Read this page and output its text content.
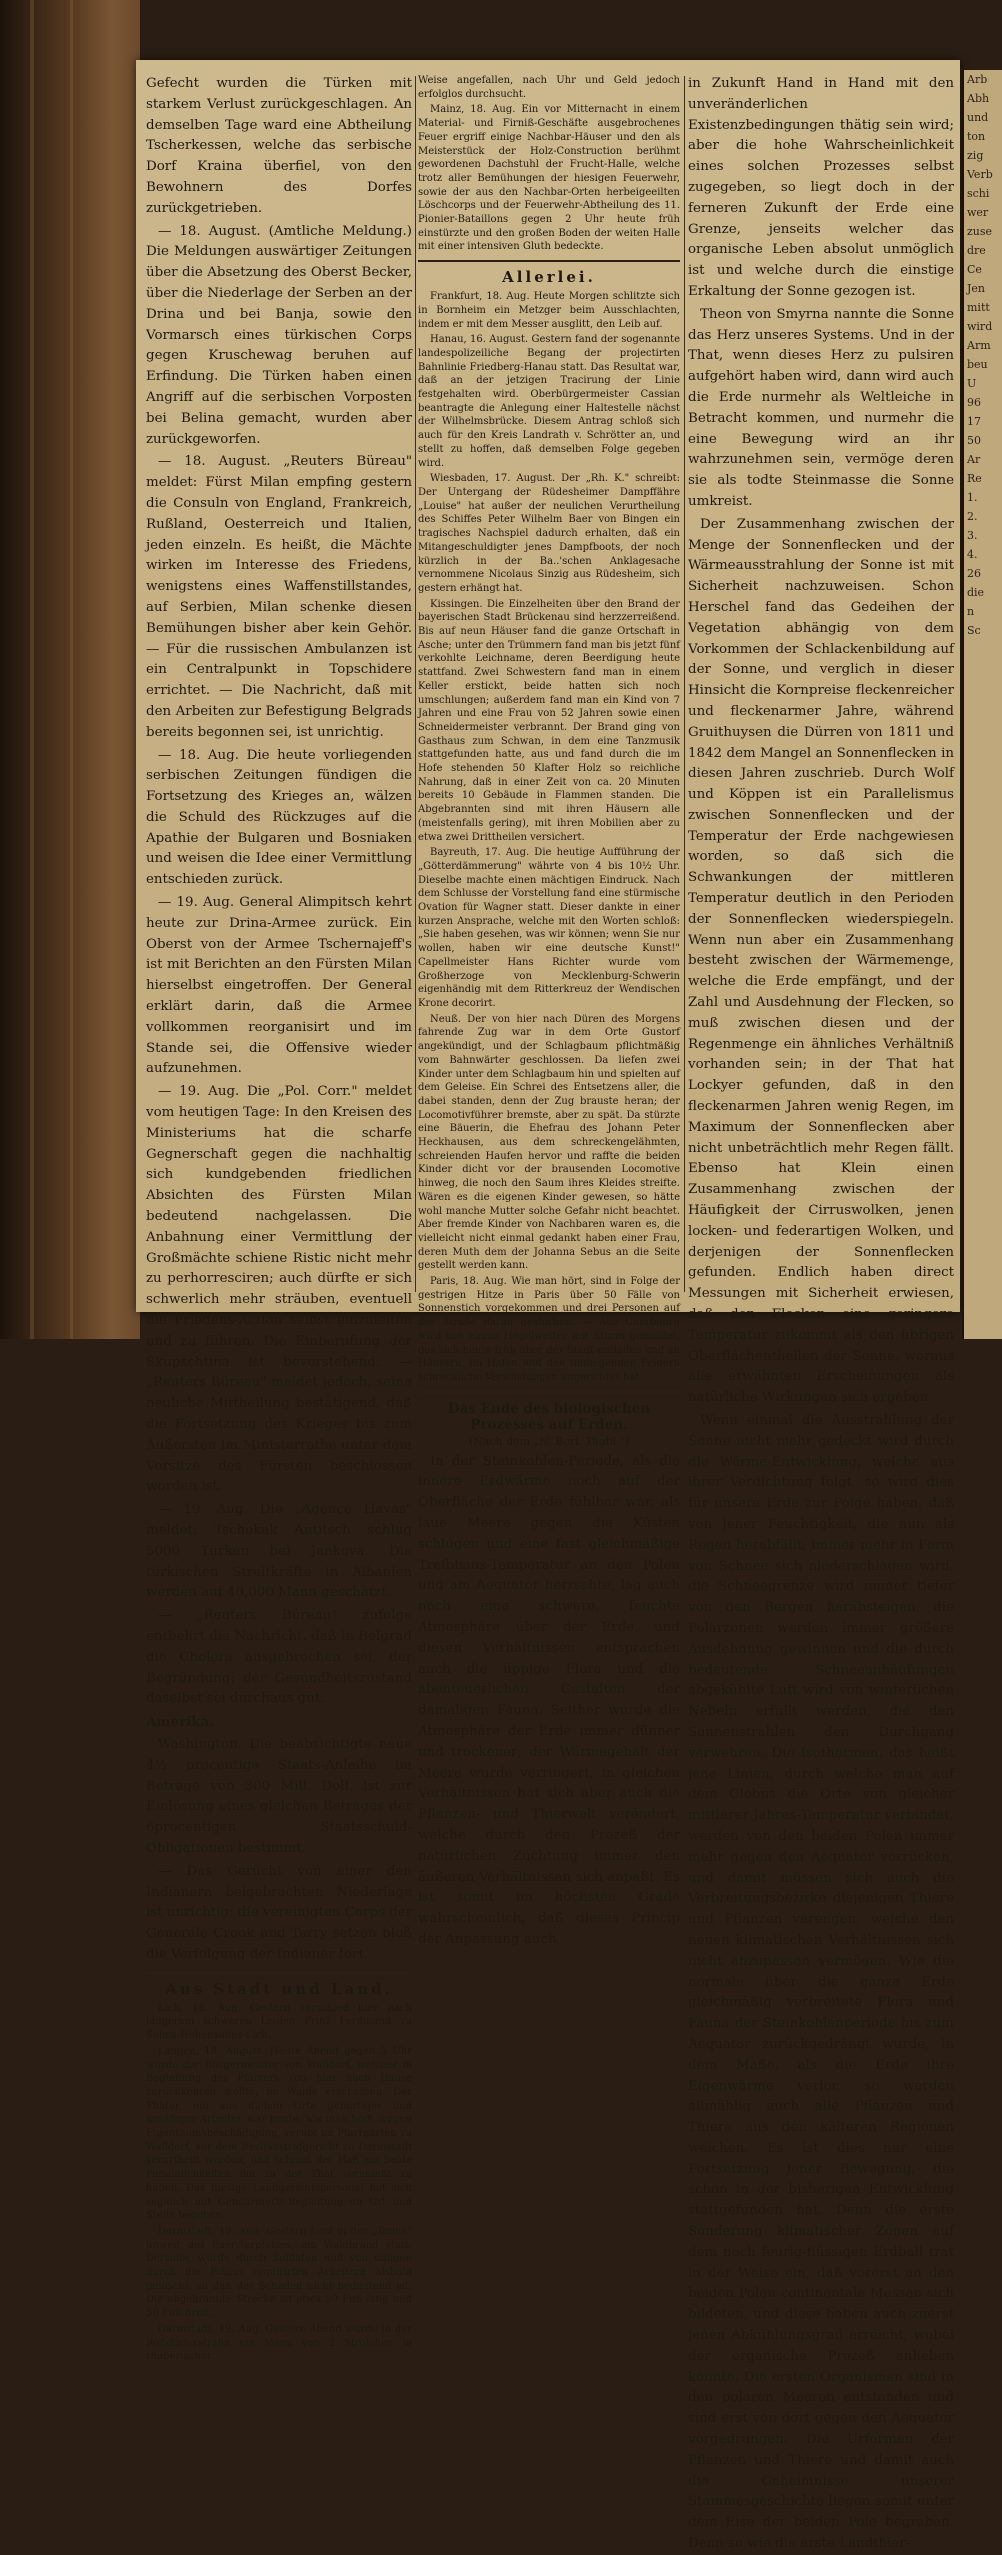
Gefecht wurden die Türken mit starkem Verlust zurückgeschlagen. An demselben Tage ward eine Abtheilung Tscherkessen, welche das serbische Dorf Kraina überfiel, von den Bewohnern des Dorfes zurückgetrieben.

— 18. August. (Amtliche Meldung.) Die Meldungen auswärtiger Zeitungen über die Absetzung des Oberst Becker, über die Niederlage der Serben an der Drina und bei Banja, sowie den Vormarsch eines türkischen Corps gegen Kruschewag beruhen auf Erfindung. Die Türken haben einen Angriff auf die serbischen Vorposten bei Belina gemacht, wurden aber zurückgeworfen.

— 18. August. „Reuters Büreau" meldet: Fürst Milan empfing gestern die Consuln von England, Frankreich, Rußland, Oesterreich und Italien, jeden einzeln. Es heißt, die Mächte wirken im Interesse des Friedens, wenigstens eines Waffenstillstandes, auf Serbien, Milan schenke diesen Bemühungen bisher aber kein Gehör. — Für die russischen Ambulanzen ist ein Centralpunkt in Topschidere errichtet. — Die Nachricht, daß mit den Arbeiten zur Befestigung Belgrads bereits begonnen sei, ist unrichtig.

— 18. Aug. Die heute vorliegenden serbischen Zeitungen fündigen die Fortsetzung des Krieges an, wälzen die Schuld des Rückzuges auf die Apathie der Bulgaren und Bosniaken und weisen die Idee einer Vermittlung entschieden zurück.

— 19. Aug. General Alimpitsch kehrt heute zur Drina-Armee zurück. Ein Oberst von der Armee Tschernajeff's ist mit Berichten an den Fürsten Milan hierselbst eingetroffen. Der General erklärt darin, daß die Armee vollkommen reorganisirt und im Stande sei, die Offensive wieder aufzunehmen.

— 19. Aug. Die „Pol. Corr." meldet vom heutigen Tage: In den Kreisen des Ministeriums hat die scharfe Gegnerschaft gegen die nachhaltig sich kundgebenden friedlichen Absichten des Fürsten Milan bedeutend nachgelassen. Die Anbahnung einer Vermittlung der Großmächte schiene Ristic nicht mehr zu perhorresciren; auch dürfte er sich schwerlich mehr sträuben, eventuell die Friedens-Action selbst einzuleiten und zu führen. Die Einberufung der Skupschtina ist bevorstehend. — „Reuters Büreau" meldet jedoch, seine neuliche Mittheilung bestätigend, daß die Fortsetzung des Krieges bis zum Äußersten im Ministerrathe unter dem Vorsitze des Fürsten beschlossen worden ist.

— 19. Aug. Die „Agence Havas" meldet: Tschokak Antitsch schlug 5000 Türken bei Jankova. Die türkischen Streitkräfte in Albanien werden auf 40,000 Mann geschätzt.

— „Reuters Büreau" zufolge entbehrt die Nachricht, daß in Belgrad die Cholera ausgebrochen sei, der Begründung; der Gesundheitszustand daselbst sei durchaus gut.

Amerika.

Washington. Die beabsichtigte neue 4½ procentige Staats-Anleihe im Betrage von 300 Mill. Doll. ist zur Einlösung eines gleichen Betrages der 6procentigen Staatsschuld-Obligationen bestimmt.

— Das Gerücht von einer den Indianern beigebrachten Niederlage ist unrichtig; die vereinigten Corps der Generale Crook und Terry setzen bloß die Verfolgung der Indianer fort.

Aus Stadt und Land.

Lich, 16. Aug. Gestern verschied hier nach längerem schweren Leiden Prinz Ferdinand zu Solms-Hohensolms-Lich.

Langen, 18. August. Heute Abend gegen 5 Uhr wurde der Bürgermeister von Walldorf, welcher in Begleitung des Pfarrers von hier nach Hause zurückkehren wollte, im Walde erschossen. Der Thäter, ein aus dielem Orte gebürtiger und ansäßiger Arbeiter, war heute, wie man hört, wegen Eigenthumsbeschädigung, verübt im Pfarrgarten zu Walldorf, vor dem Bezirksstrafgericht zu Darmstadt verurtheilt worden, und scheint der Haß auf beide Persönlichkeiten ihn zu der That veranlaßt zu haben. Das hiesige Landgerichtspersonal hat sich sogleich mit Gendarmerie-Begleitung an Ort und Stelle begeben.

Darmstadt, 19. Aug. Gestern fand in der „Tanne" unweit des Exercierplatzes, ein Waldbrand statt. Derselbe wurde durch Soldaten und von einigen durch die Polizei requirirten Arbeitern alsbald gelöscht, so daß der Schaden nicht bedeutend ist. Die abgebrannte Strecke ist etwa 50 Fuß lang und 50 Fuß breit.

Darmstadt, 19. Aug. Gestern Abend wurde in der Roßdörferstraße ein Mann von 2 Strolchen in räuberischer

Weise angefallen, nach Uhr und Geld jedoch erfolglos durchsucht.

Mainz, 18. Aug. Ein vor Mitternacht in einem Material- und Firniß-Geschäfte ausgebrochenes Feuer ergriff einige Nachbar-Häuser und den als Meisterstück der Holz-Construction berühmt gewordenen Dachstuhl der Frucht-Halle, welche trotz aller Bemühungen der hiesigen Feuerwehr, sowie der aus den Nachbar-Orten herbeigeeilten Löschcorps und der Feuerwehr-Abtheilung des 11. Pionier-Bataillons gegen 2 Uhr heute früh einstürzte und den großen Boden der weiten Halle mit einer intensiven Gluth bedeckte.

Allerlei.

Frankfurt, 18. Aug. Heute Morgen schlitzte sich in Bornheim ein Metzger beim Ausschlachten, indem er mit dem Messer ausglitt, den Leib auf.

Hanau, 16. August. Gestern fand der sogenannte landespolizeiliche Begang der projectirten Bahnlinie Friedberg-Hanau statt. Das Resultat war, daß an der jetzigen Tracirung der Linie festgehalten wird. Oberbürgermeister Cassian beantragte die Anlegung einer Haltestelle nächst der Wilhelmsbrücke. Diesem Antrag schloß sich auch für den Kreis Landrath v. Schrötter an, und stellt zu hoffen, daß demselben Folge gegeben wird.

Wiesbaden, 17. August. Der „Rh. K." schreibt: Der Untergang der Rüdesheimer Dampffähre „Louise" hat außer der neulichen Verurtheilung des Schiffes Peter Wilhelm Baer von Bingen ein tragisches Nachspiel dadurch erhalten, daß ein Mitangeschuldigter jenes Dampfboots, der noch kürzlich in der Ba..'schen Anklagesache vernommene Nicolaus Sinzig aus Rüdesheim, sich gestern erhängt hat.

Kissingen. Die Einzelheiten über den Brand der bayerischen Stadt Brückenau sind herzzerreißend. Bis auf neun Häuser fand die ganze Ortschaft in Asche; unter den Trümmern fand man bis jetzt fünf verkohlte Leichname, deren Beerdigung heute stattfand. Zwei Schwestern fand man in einem Keller erstickt, beide hatten sich noch umschlungen; außerdem fand man ein Kind von 7 Jahren und eine Frau von 52 Jahren sowie einen Schneidermeister verbrannt. Der Brand ging von Gasthaus zum Schwan, in dem eine Tanzmusik stattgefunden hatte, aus und fand durch die im Hofe stehenden 50 Klafter Holz so reichliche Nahrung, daß in einer Zeit von ca. 20 Minuten bereits 10 Gebäude in Flammen standen. Die Abgebrannten sind mit ihren Häusern alle (meistenfalls gering), mit ihren Mobilien aber zu etwa zwei Drittheilen versichert.

Bayreuth, 17. Aug. Die heutige Aufführung der „Götterdämmerung" währte von 4 bis 10½ Uhr. Dieselbe machte einen mächtigen Eindruck. Nach dem Schlusse der Vorstellung fand eine stürmische Ovation für Wagner statt. Dieser dankte in einer kurzen Ansprache, welche mit den Worten schloß: „Sie haben gesehen, was wir können; wenn Sie nur wollen, haben wir eine deutsche Kunst!" Capellmeister Hans Richter wurde vom Großherzoge von Mecklenburg-Schwerin eigenhändig mit dem Ritterkreuz der Wendischen Krone decorirt.

Neuß. Der von hier nach Düren des Morgens fahrende Zug war in dem Orte Gustorf angekündigt, und der Schlagbaum pflichtmäßig vom Bahnwärter geschlossen. Da liefen zwei Kinder unter dem Schlagbaum hin und spielten auf dem Geleise. Ein Schrei des Entsetzens aller, die dabei standen, denn der Zug brauste heran; der Locomotivführer bremste, aber zu spät. Da stürzte eine Bäuerin, die Ehefrau des Johann Peter Heckhausen, aus dem schreckengelähmten, schreienden Haufen hervor und raffte die beiden Kinder dicht vor der brausenden Locomotive hinweg, die noch den Saum ihres Kleides streifte. Wären es die eigenen Kinder gewesen, so hätte wohl manche Mutter solche Gefahr nicht beachtet. Aber fremde Kinder von Nachbaren waren es, die vielleicht nicht einmal gedankt haben einer Frau, deren Muth dem der Johanna Sebus an die Seite gestellt werden kann.

Paris, 18. Aug. Wie man hört, sind in Folge der gestrigen Hitze in Paris über 50 Fälle von Sonnenstich vorgekommen und drei Personen auf der Straße daran gestorben. — Aus Cherbourg wird von einem Hagelwetter mit Sturm gemeldet, das sich heute früh über der Stadt entladen und an Häusern, im Hafen und den umliegenden Feldern schreckliche Verwüstungen angerichtet hat.

Das Ende des biologischen Prozesses auf Erden.
(Nach dem „N. Berl. Tagbl.")

In der Steinkohlen-Periode, als die innere Erdwärme noch auf der Oberfläche der Erde fühlbar war, als laue Meere gegen die Küsten schlugen und eine fast gleichmäßige Treibhaus-Temperatur an den Polen und am Aequator herrschte, lag auch noch eine schwere, feuchte Atmosphäre über der Erde, und diesen Verhältnissen entsprachen auch die üppige Flora und die abenteuerlichen Gestalten der damaligen Fauna. Seither wurde die Atmosphäre der Erde immer dünner und trockener; der Wärmegehalt der Meere wurde verringert; in gleichen Verhältnissen hat sich aber auch die Pflanzen- und Thierwelt verändert, welche durch den Prozeß der natürlichen Züchtung immer den äußeren Verhältnissen sich anpaßt. Es ist somit im höchsten Grade wahrscheinlich, daß dieses Princip der Anpassung auch

in Zukunft Hand in Hand mit den unveränderlichen Existenzbedingungen thätig sein wird; aber die hohe Wahrscheinlichkeit eines solchen Prozesses selbst zugegeben, so liegt doch in der ferneren Zukunft der Erde eine Grenze, jenseits welcher das organische Leben absolut unmöglich ist und welche durch die einstige Erkaltung der Sonne gezogen ist.

Theon von Smyrna nannte die Sonne das Herz unseres Systems. Und in der That, wenn dieses Herz zu pulsiren aufgehört haben wird, dann wird auch die Erde nurmehr als Weltleiche in Betracht kommen, und nurmehr die eine Bewegung wird an ihr wahrzunehmen sein, vermöge deren sie als todte Steinmasse die Sonne umkreist.

Der Zusammenhang zwischen der Menge der Sonnenflecken und der Wärmeausstrahlung der Sonne ist mit Sicherheit nachzuweisen. Schon Herschel fand das Gedeihen der Vegetation abhängig von dem Vorkommen der Schlackenbildung auf der Sonne, und verglich in dieser Hinsicht die Kornpreise fleckenreicher und fleckenarmer Jahre, während Gruithuysen die Dürren von 1811 und 1842 dem Mangel an Sonnenflecken in diesen Jahren zuschrieb. Durch Wolf und Köppen ist ein Parallelismus zwischen Sonnenflecken und der Temperatur der Erde nachgewiesen worden, so daß sich die Schwankungen der mittleren Temperatur deutlich in den Perioden der Sonnenflecken wiederspiegeln. Wenn nun aber ein Zusammenhang besteht zwischen der Wärmemenge, welche die Erde empfängt, und der Zahl und Ausdehnung der Flecken, so muß zwischen diesen und der Regenmenge ein ähnliches Verhältniß vorhanden sein; in der That hat Lockyer gefunden, daß in den fleckenarmen Jahren wenig Regen, im Maximum der Sonnenflecken aber nicht unbeträchtlich mehr Regen fällt. Ebenso hat Klein einen Zusammenhang zwischen der Häufigkeit der Cirruswolken, jenen locken- und federartigen Wolken, und derjenigen der Sonnenflecken gefunden. Endlich haben direct Messungen mit Sicherheit erwiesen, daß den Flecken eine geringere Temperatur zukommt als den übrigen Oberflächentheilen der Sonne, woraus alle erwähnten Erscheinungen als natürliche Wirkungen sich ergeben.

Wenn einmal die Ausstrahlung der Sonne nicht mehr gedeckt wird durch die Wärme-Entwicklung, welche aus ihrer Verdichtung folgt, so wird dies für unsere Erde zur Folge haben, daß von jener Feuchtigkeit, die nun als Regen herabfällt, immer mehr in Form von Schnee sich niederschlagen wird, die Schneegrenze wird immer tiefer von den Bergen herabsteigen, die Polarzonen werden immer größere Ausdehnung gewinnen und die durch bedeutende Schneeanhäufungen abgekühlte Luft wird von winterlichen Nebeln erfüllt werden, die den Sonnenstrahlen den Durchgang verwehren. Die Isothermen, das heißt jene Linien, durch welche man auf dem Globus die Orte von gleicher mittlerer Jahres-Temperatur verbindet, werden von den beiden Polen immer mehr gegen den Aequator vorrücken, und damit müssen sich auch die Verbreitungsbezirke diejenigen Thiere und Pflanzen verengen, welche den neuen klimatischen Verhältnissen sich nicht anzupassen vermögen. Wie die normale über die ganze Erde gleichmäßig verbreitete Flora und Fauna der Steinkohlenperiode bis zum Aequator zurückgedrängt wurde, in dem Maße, als die Erde ihre Eigenwärme verlor, so werden allmählig auch alle Pflanzen und Thiere aus den kälteren Regionen weichen. Es ist dies nur eine Fortsetzung jener Bewegung, die schon in der bisherigen Entwicklung stattgefunden hat. Denn die erste Sonderung klimatischer Zonen auf dem noch feurig-flüssigen Erdball trat in der Weise ein, daß vorerst an den beiden Polen continentale Massen sich bildeten, und diese haben auch zuerst jenen Abkühlungsgrad erreicht, wobei der organische Prozeß anheben konnte. Die ersten Organismen sind in den polaren Meeren entstanden und sind erst von dort gegen den Aequator vorgedrungen. Die Urformen der Pflanzen und Thiere und damit auch die Geheimnisse unserer Stammesgeschichte liegen somit unter dem Eise der beiden Pole begraben. Denn so wie die erste Landthier-

Arb
Abh
und
ton
zig
Verb
schi
wer
zuse
dre
Ce
Jen
mitt
wird
Arm
beu
U
96
17
50
Ar
Re
1.
2.
3.
4.
26
die
n
Sc
